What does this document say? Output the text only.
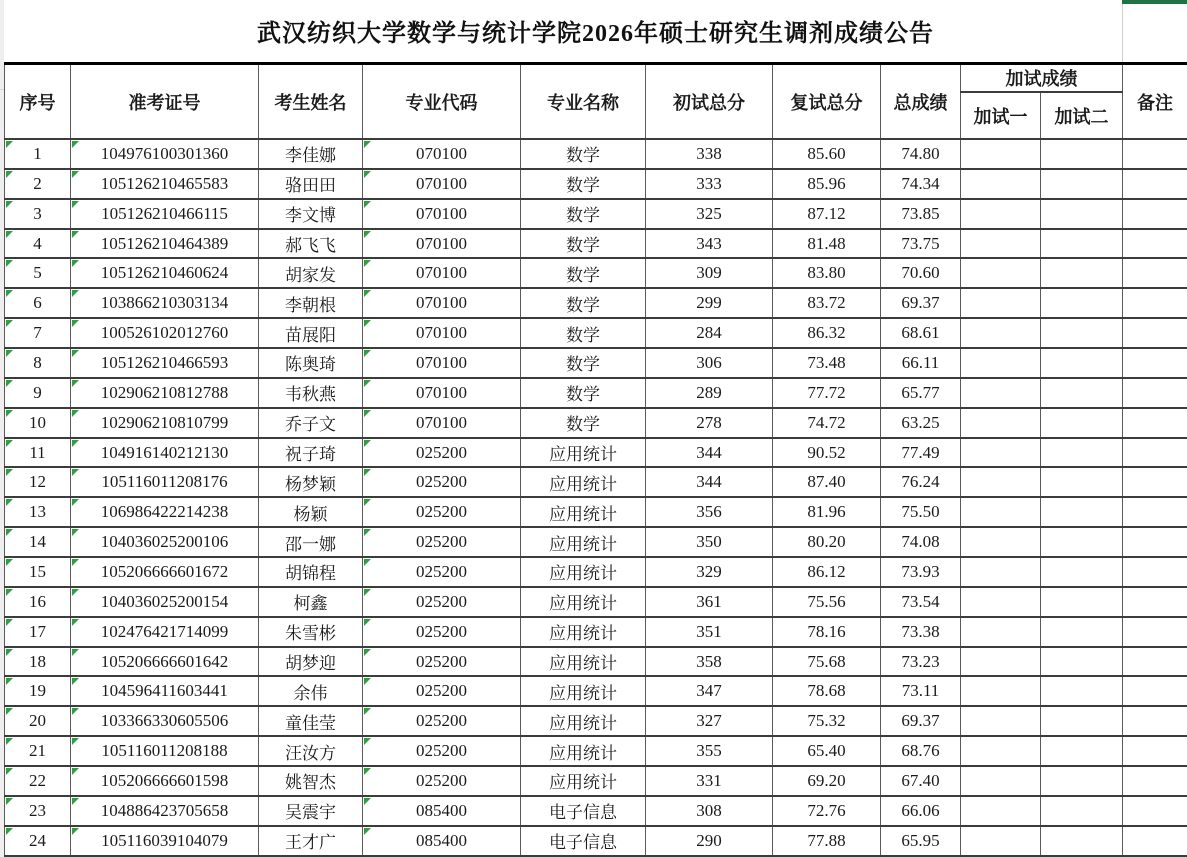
武汉纺织大学数学与统计学院2026年硕士研究生调剂成绩公告
序号	准考证号	考生姓名	专业代码	专业名称	初试总分	复试总分	总成绩	加试成绩		备注
								加试一	加试二	
1	104976100301360	李佳娜	070100	数学	338	85.60	74.80			
2	105126210465583	骆田田	070100	数学	333	85.96	74.34			
3	105126210466115	李文博	070100	数学	325	87.12	73.85			
4	105126210464389	郝飞飞	070100	数学	343	81.48	73.75			
5	105126210460624	胡家发	070100	数学	309	83.80	70.60			
6	103866210303134	李朝根	070100	数学	299	83.72	69.37			
7	100526102012760	苗展阳	070100	数学	284	86.32	68.61			
8	105126210466593	陈奥琦	070100	数学	306	73.48	66.11			
9	102906210812788	韦秋燕	070100	数学	289	77.72	65.77			
10	102906210810799	乔子文	070100	数学	278	74.72	63.25			
11	104916140212130	祝子琦	025200	应用统计	344	90.52	77.49			
12	105116011208176	杨梦颖	025200	应用统计	344	87.40	76.24			
13	106986422214238	杨颖	025200	应用统计	356	81.96	75.50			
14	104036025200106	邵一娜	025200	应用统计	350	80.20	74.08			
15	105206666601672	胡锦程	025200	应用统计	329	86.12	73.93			
16	104036025200154	柯鑫	025200	应用统计	361	75.56	73.54			
17	102476421714099	朱雪彬	025200	应用统计	351	78.16	73.38			
18	105206666601642	胡梦迎	025200	应用统计	358	75.68	73.23			
19	104596411603441	余伟	025200	应用统计	347	78.68	73.11			
20	103366330605506	童佳莹	025200	应用统计	327	75.32	69.37			
21	105116011208188	汪汝方	025200	应用统计	355	65.40	68.76			
22	105206666601598	姚智杰	025200	应用统计	331	69.20	67.40			
23	104886423705658	吴震宇	085400	电子信息	308	72.76	66.06			
24	105116039104079	王才广	085400	电子信息	290	77.88	65.95			
